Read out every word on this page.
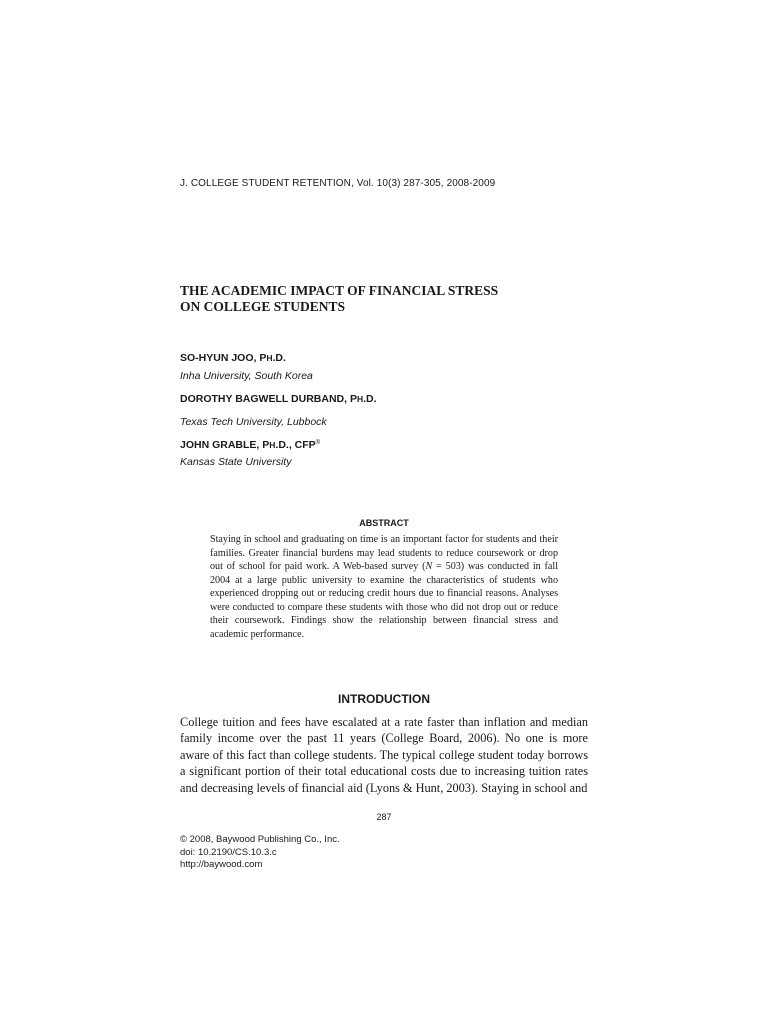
J. COLLEGE STUDENT RETENTION, Vol. 10(3) 287-305, 2008-2009
THE ACADEMIC IMPACT OF FINANCIAL STRESS
ON COLLEGE STUDENTS
SO-HYUN JOO, PH.D.
Inha University, South Korea
DOROTHY BAGWELL DURBAND, PH.D.
Texas Tech University, Lubbock
JOHN GRABLE, PH.D., CFP®
Kansas State University
ABSTRACT
Staying in school and graduating on time is an important factor for students and their families. Greater financial burdens may lead students to reduce coursework or drop out of school for paid work. A Web-based survey (N = 503) was conducted in fall 2004 at a large public university to examine the characteristics of students who experienced dropping out or reducing credit hours due to financial reasons. Analyses were conducted to compare these students with those who did not drop out or reduce their coursework. Findings show the relationship between financial stress and academic performance.
INTRODUCTION
College tuition and fees have escalated at a rate faster than inflation and median family income over the past 11 years (College Board, 2006). No one is more aware of this fact than college students. The typical college student today borrows a significant portion of their total educational costs due to increasing tuition rates and decreasing levels of financial aid (Lyons & Hunt, 2003). Staying in school and
287
© 2008, Baywood Publishing Co., Inc.
doi: 10.2190/CS.10.3.c
http://baywood.com
